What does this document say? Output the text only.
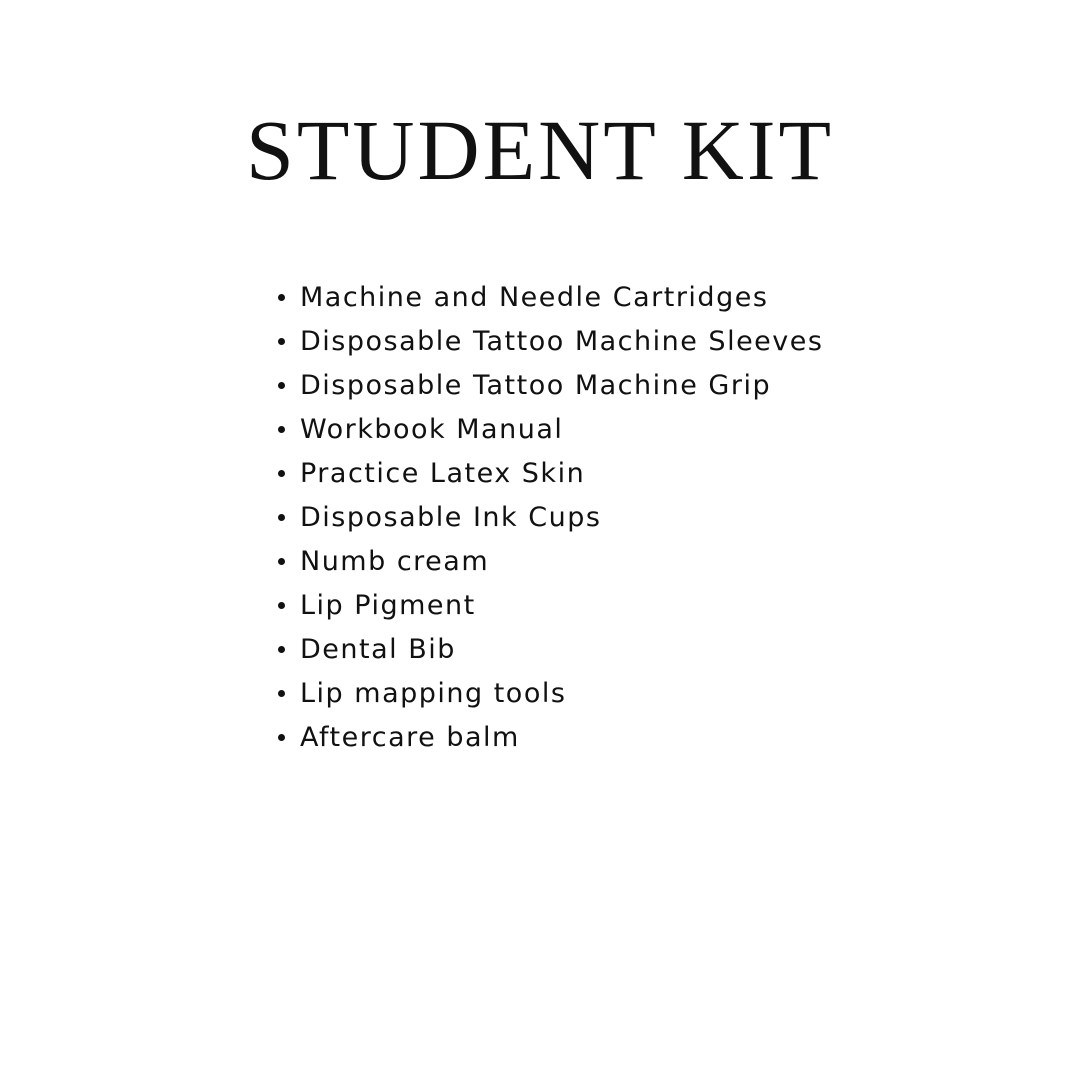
STUDENT KIT
Machine and Needle Cartridges
Disposable Tattoo Machine Sleeves
Disposable Tattoo Machine Grip
Workbook Manual
Practice Latex Skin
Disposable Ink Cups
Numb cream
Lip Pigment
Dental Bib
Lip mapping tools
Aftercare balm
